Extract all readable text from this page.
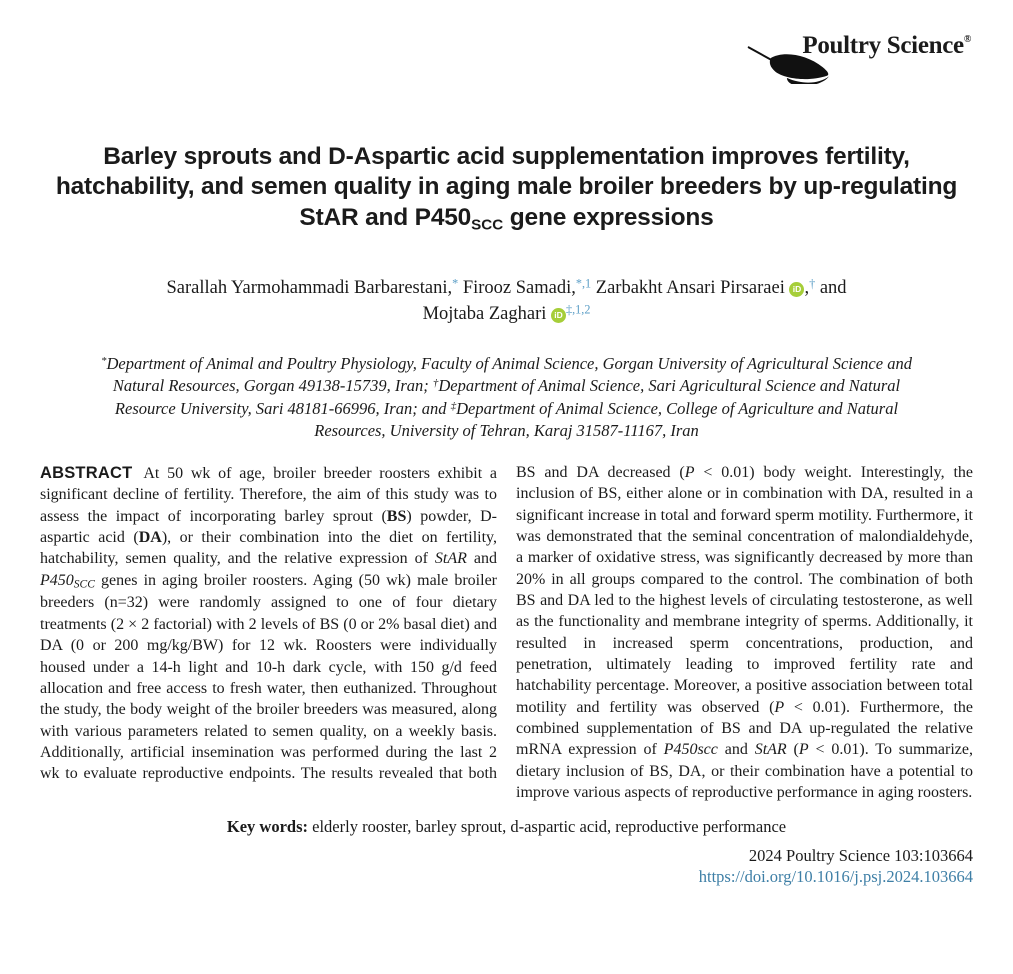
Poultry Science®
Barley sprouts and D-Aspartic acid supplementation improves fertility, hatchability, and semen quality in aging male broiler breeders by up-regulating StAR and P450SCC gene expressions
Sarallah Yarmohammadi Barbarestani,* Firooz Samadi,$^{*,1}$ Zarbakht Ansari Pirsaraei iD ,† and
Mojtaba Zaghari iD $^{\ddagger,1,2}$
*Department of Animal and Poultry Physiology, Faculty of Animal Science, Gorgan University of Agricultural Science and Natural Resources, Gorgan 49138-15739, Iran; †Department of Animal Science, Sari Agricultural Science and Natural Resource University, Sari 48181-66996, Iran; and ‡Department of Animal Science, College of Agriculture and Natural Resources, University of Tehran, Karaj 31587-11167, Iran

ABSTRACT At 50 wk of age, broiler breeder roosters exhibit a significant decline of fertility. Therefore, the aim of this study was to assess the impact of incorporating barley sprout (BS) powder, D-aspartic acid (DA), or their combination into the diet on fertility, hatchability, semen quality, and the relative expression of StAR and P450SCC genes in aging broiler roosters. Aging (50 wk) male broiler breeders (n=32) were randomly assigned to one of four dietary treatments (2 × 2 factorial) with 2 levels of BS (0 or 2% basal diet) and DA (0 or 200 mg/kg/BW) for 12 wk. Roosters were individually housed under a 14-h light and 10-h dark cycle, with 150 g/d feed allocation and free access to fresh water, then euthanized. Throughout the study, the body weight of the broiler breeders was measured, along with various parameters related to semen quality, on a weekly basis. Additionally, artificial insemination was performed during the last 2 wk to evaluate reproductive endpoints. The results revealed that both BS and DA decreased (P < 0.01) body weight. Interestingly, the inclusion of BS, either alone or in combination with DA, resulted in a significant increase in total and forward sperm motility. Furthermore, it was demonstrated that the seminal concentration of malondialdehyde, a marker of oxidative stress, was significantly decreased by more than 20% in all groups compared to the control. The combination of both BS and DA led to the highest levels of circulating testosterone, as well as the functionality and membrane integrity of sperms. Additionally, it resulted in increased sperm concentrations, production, and penetration, ultimately leading to improved fertility rate and hatchability percentage. Moreover, a positive association between total motility and fertility was observed (P < 0.01). Furthermore, the combined supplementation of BS and DA up-regulated the relative mRNA expression of P450scc and StAR (P < 0.01). To summarize, dietary inclusion of BS, DA, or their combination have a potential to improve various aspects of reproductive performance in aging roosters.

Key words: elderly rooster, barley sprout, d-aspartic acid, reproductive performance
2024 Poultry Science 103:103664
https://doi.org/10.1016/j.psj.2024.103664
